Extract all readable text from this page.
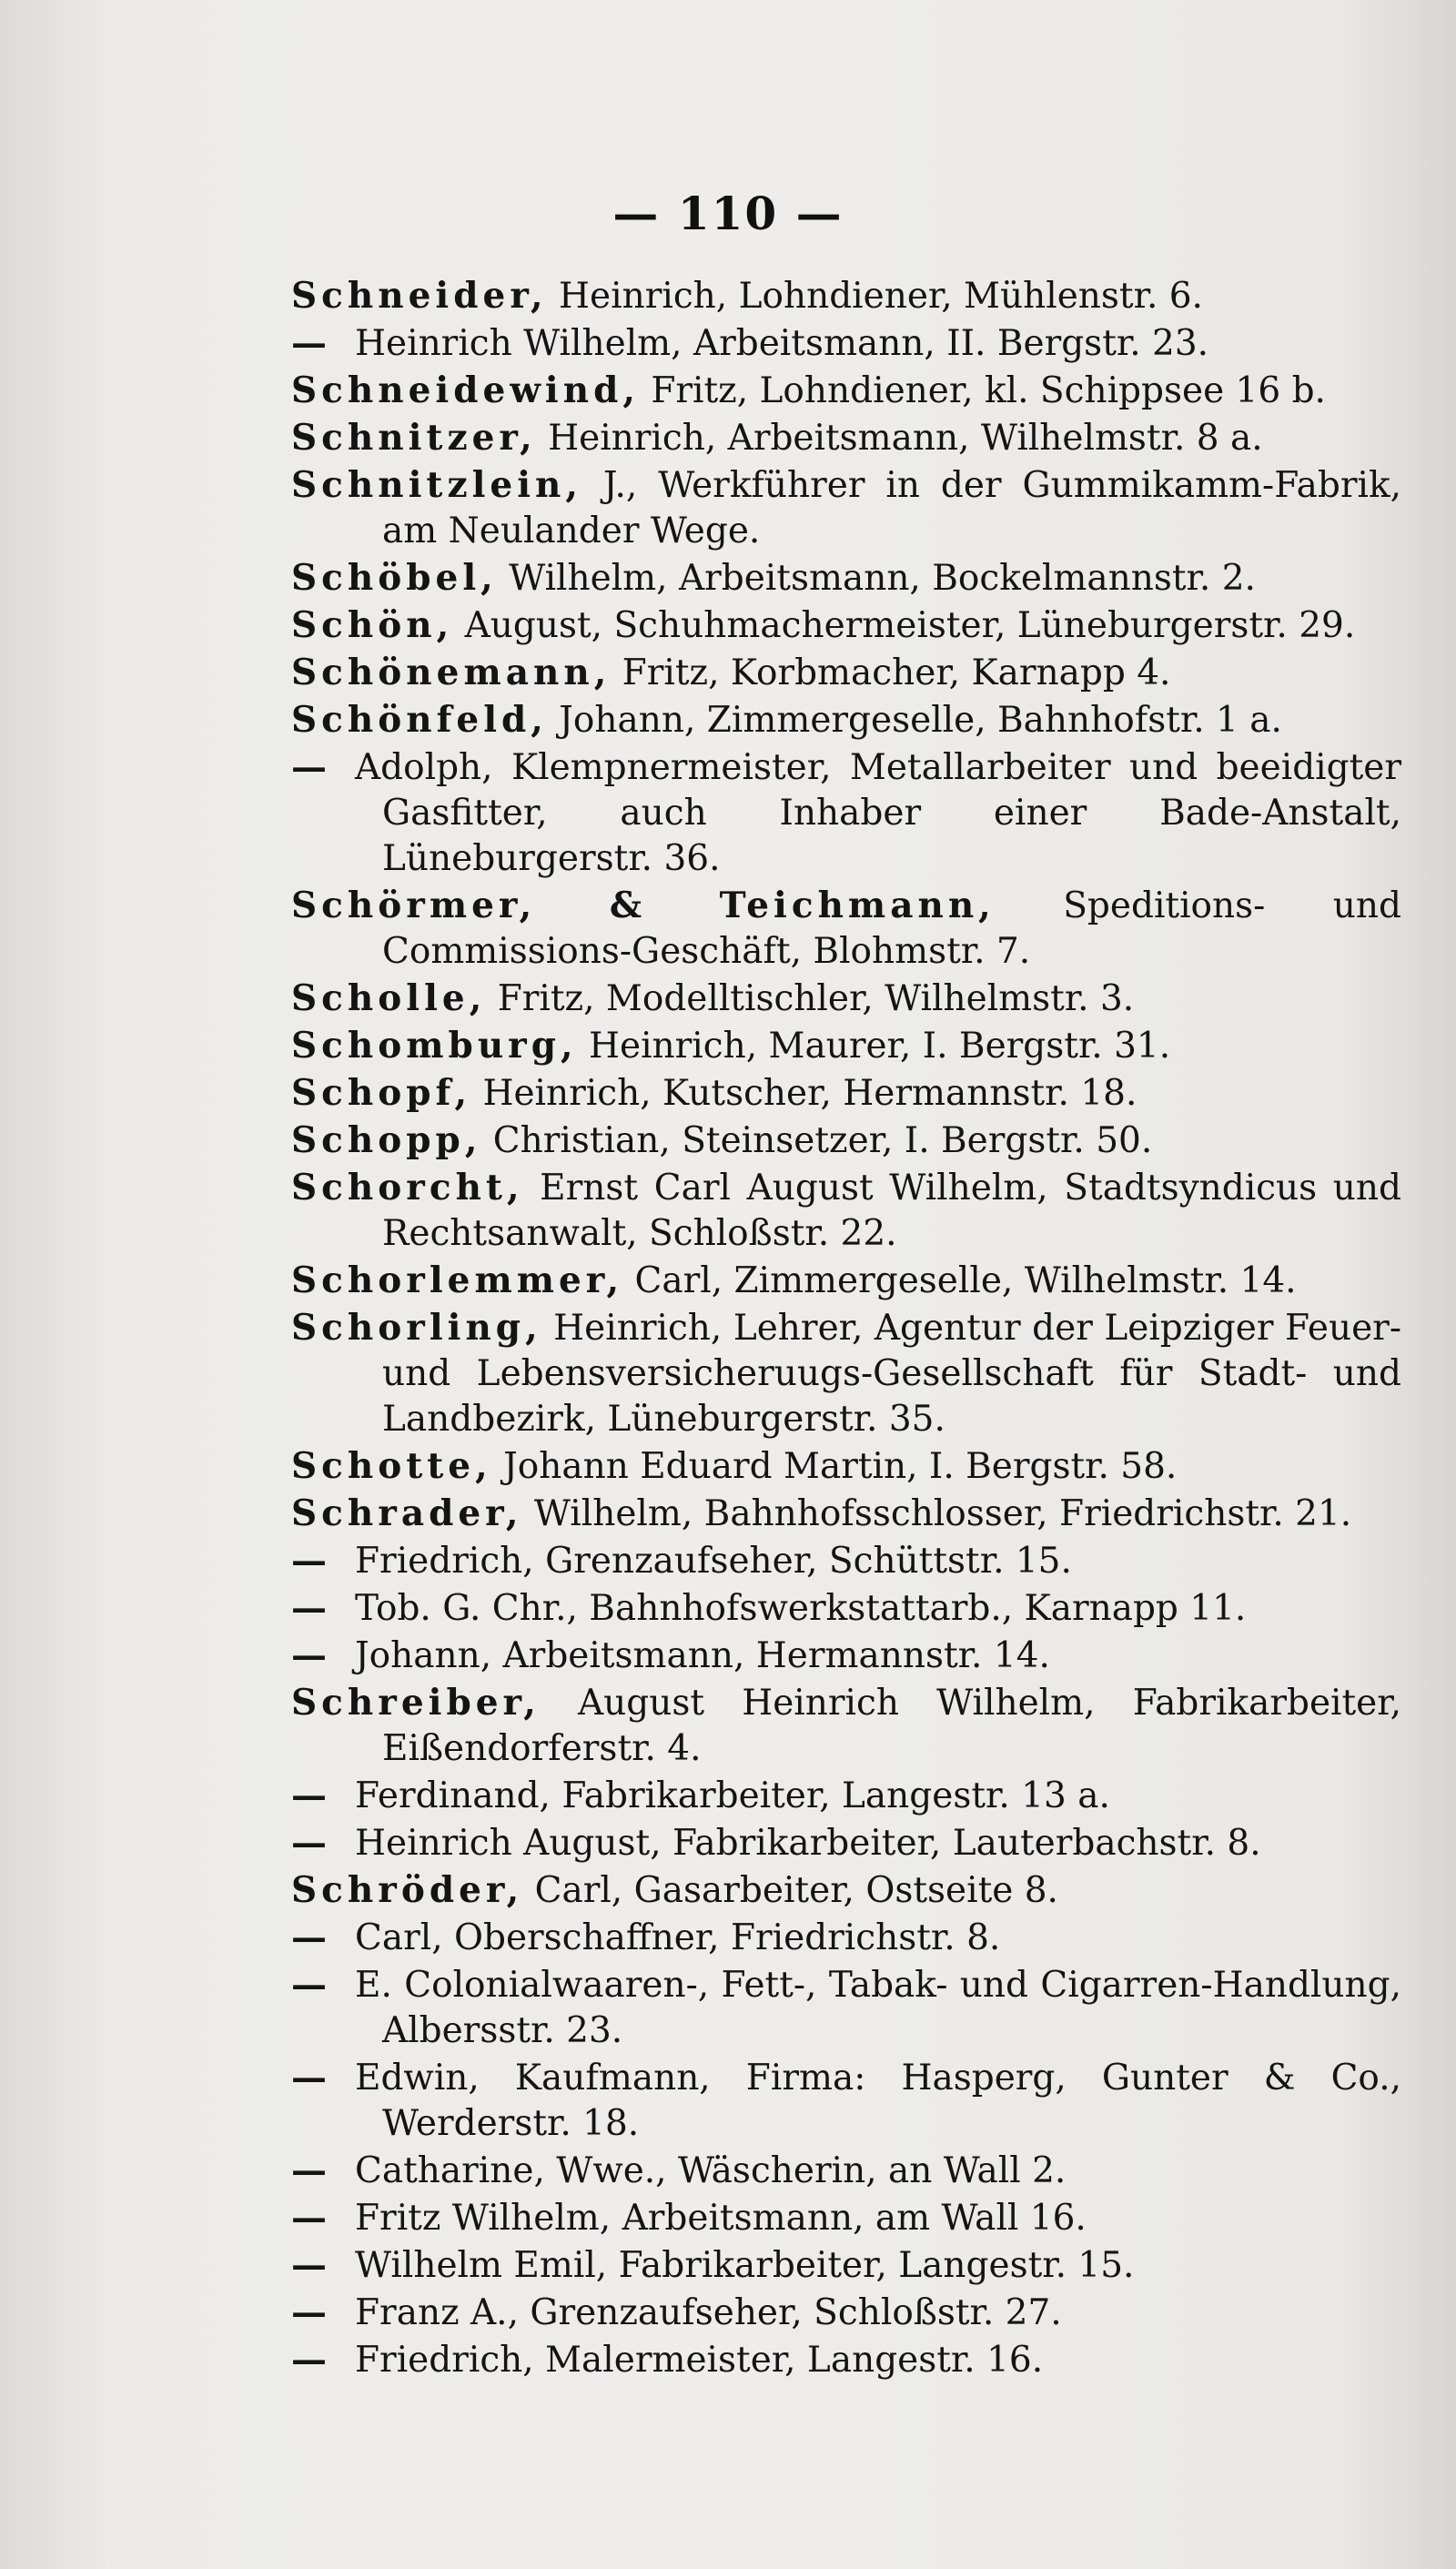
— 110 —
Schneider, Heinrich, Lohndiener, Mühlenstr. 6.
— Heinrich Wilhelm, Arbeitsmann, II. Bergstr. 23.
Schneidewind, Fritz, Lohndiener, kl. Schippsee 16 b.
Schnitzer, Heinrich, Arbeitsmann, Wilhelmstr. 8 a.
Schnitzlein, J., Werkführer in der Gummikamm-Fabrik, am Neulander Wege.
Schöbel, Wilhelm, Arbeitsmann, Bockelmannstr. 2.
Schön, August, Schuhmachermeister, Lüneburgerstr. 29.
Schönemann, Fritz, Korbmacher, Karnapp 4.
Schönfeld, Johann, Zimmergeselle, Bahnhofstr. 1 a.
— Adolph, Klempnermeister, Metallarbeiter und beeidigter Gasfitter, auch Inhaber einer Bade-Anstalt, Lüneburgerstr. 36.
Schörmer, & Teichmann, Speditions- und Commissions-Geschäft, Blohmstr. 7.
Scholle, Fritz, Modelltischler, Wilhelmstr. 3.
Schomburg, Heinrich, Maurer, I. Bergstr. 31.
Schopf, Heinrich, Kutscher, Hermannstr. 18.
Schopp, Christian, Steinsetzer, I. Bergstr. 50.
Schorcht, Ernst Carl August Wilhelm, Stadtsyndicus und Rechtsanwalt, Schloßstr. 22.
Schorlemmer, Carl, Zimmergeselle, Wilhelmstr. 14.
Schorling, Heinrich, Lehrer, Agentur der Leipziger Feuer- und Lebensversicheruugs-Gesellschaft für Stadt- und Landbezirk, Lüneburgerstr. 35.
Schotte, Johann Eduard Martin, I. Bergstr. 58.
Schrader, Wilhelm, Bahnhofsschlosser, Friedrichstr. 21.
— Friedrich, Grenzaufseher, Schüttstr. 15.
— Tob. G. Chr., Bahnhofswerkstattarb., Karnapp 11.
— Johann, Arbeitsmann, Hermannstr. 14.
Schreiber, August Heinrich Wilhelm, Fabrikarbeiter, Eißendorferstr. 4.
— Ferdinand, Fabrikarbeiter, Langestr. 13 a.
— Heinrich August, Fabrikarbeiter, Lauterbachstr. 8.
Schröder, Carl, Gasarbeiter, Ostseite 8.
— Carl, Oberschaffner, Friedrichstr. 8.
— E. Colonialwaaren-, Fett-, Tabak- und Cigarren-Handlung, Albersstr. 23.
— Edwin, Kaufmann, Firma: Hasperg, Gunter & Co., Werderstr. 18.
— Catharine, Wwe., Wäscherin, an Wall 2.
— Fritz Wilhelm, Arbeitsmann, am Wall 16.
— Wilhelm Emil, Fabrikarbeiter, Langestr. 15.
— Franz A., Grenzaufseher, Schloßstr. 27.
— Friedrich, Malermeister, Langestr. 16.
